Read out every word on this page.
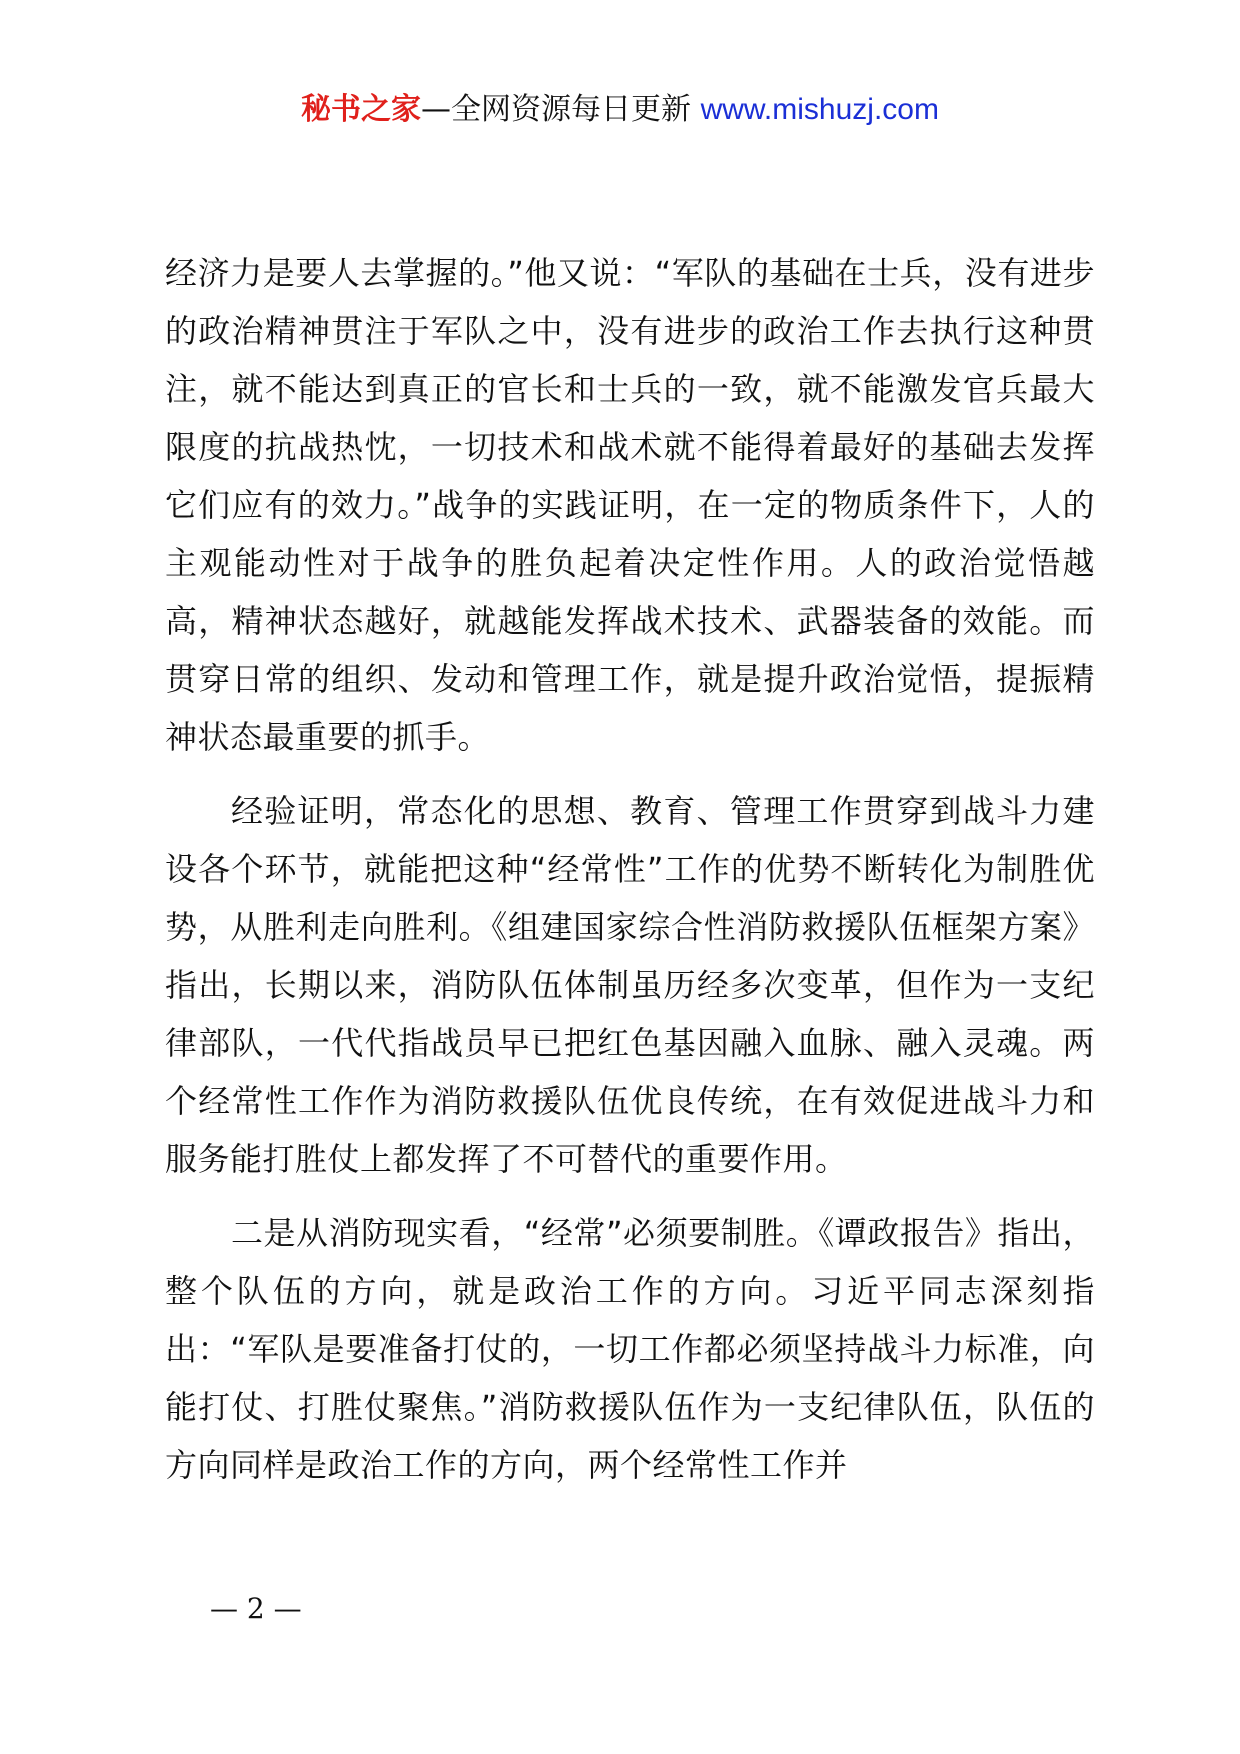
秘书之家—全网资源每日更新 www.mishuzj.com

经济力是要人去掌握的。”他又说：“军队的基础在士兵，没有进步的政治精神贯注于军队之中，没有进步的政治工作去执行这种贯注，就不能达到真正的官长和士兵的一致，就不能激发官兵最大限度的抗战热忱，一切技术和战术就不能得着最好的基础去发挥它们应有的效力。”战争的实践证明，在一定的物质条件下，人的主观能动性对于战争的胜负起着决定性作用。人的政治觉悟越高，精神状态越好，就越能发挥战术技术、武器装备的效能。而贯穿日常的组织、发动和管理工作，就是提升政治觉悟，提振精神状态最重要的抓手。

经验证明，常态化的思想、教育、管理工作贯穿到战斗力建设各个环节，就能把这种“经常性”工作的优势不断转化为制胜优势，从胜利走向胜利。《组建国家综合性消防救援队伍框架方案》指出，长期以来，消防队伍体制虽历经多次变革，但作为一支纪律部队，一代代指战员早已把红色基因融入血脉、融入灵魂。两个经常性工作作为消防救援队伍优良传统，在有效促进战斗力和服务能打胜仗上都发挥了不可替代的重要作用。

二是从消防现实看，“经常”必须要制胜。《谭政报告》指出，整个队伍的方向，就是政治工作的方向。习近平同志深刻指出：“军队是要准备打仗的，一切工作都必须坚持战斗力标准，向能打仗、打胜仗聚焦。”消防救援队伍作为一支纪律队伍，队伍的方向同样是政治工作的方向，两个经常性工作并

— 2 —
